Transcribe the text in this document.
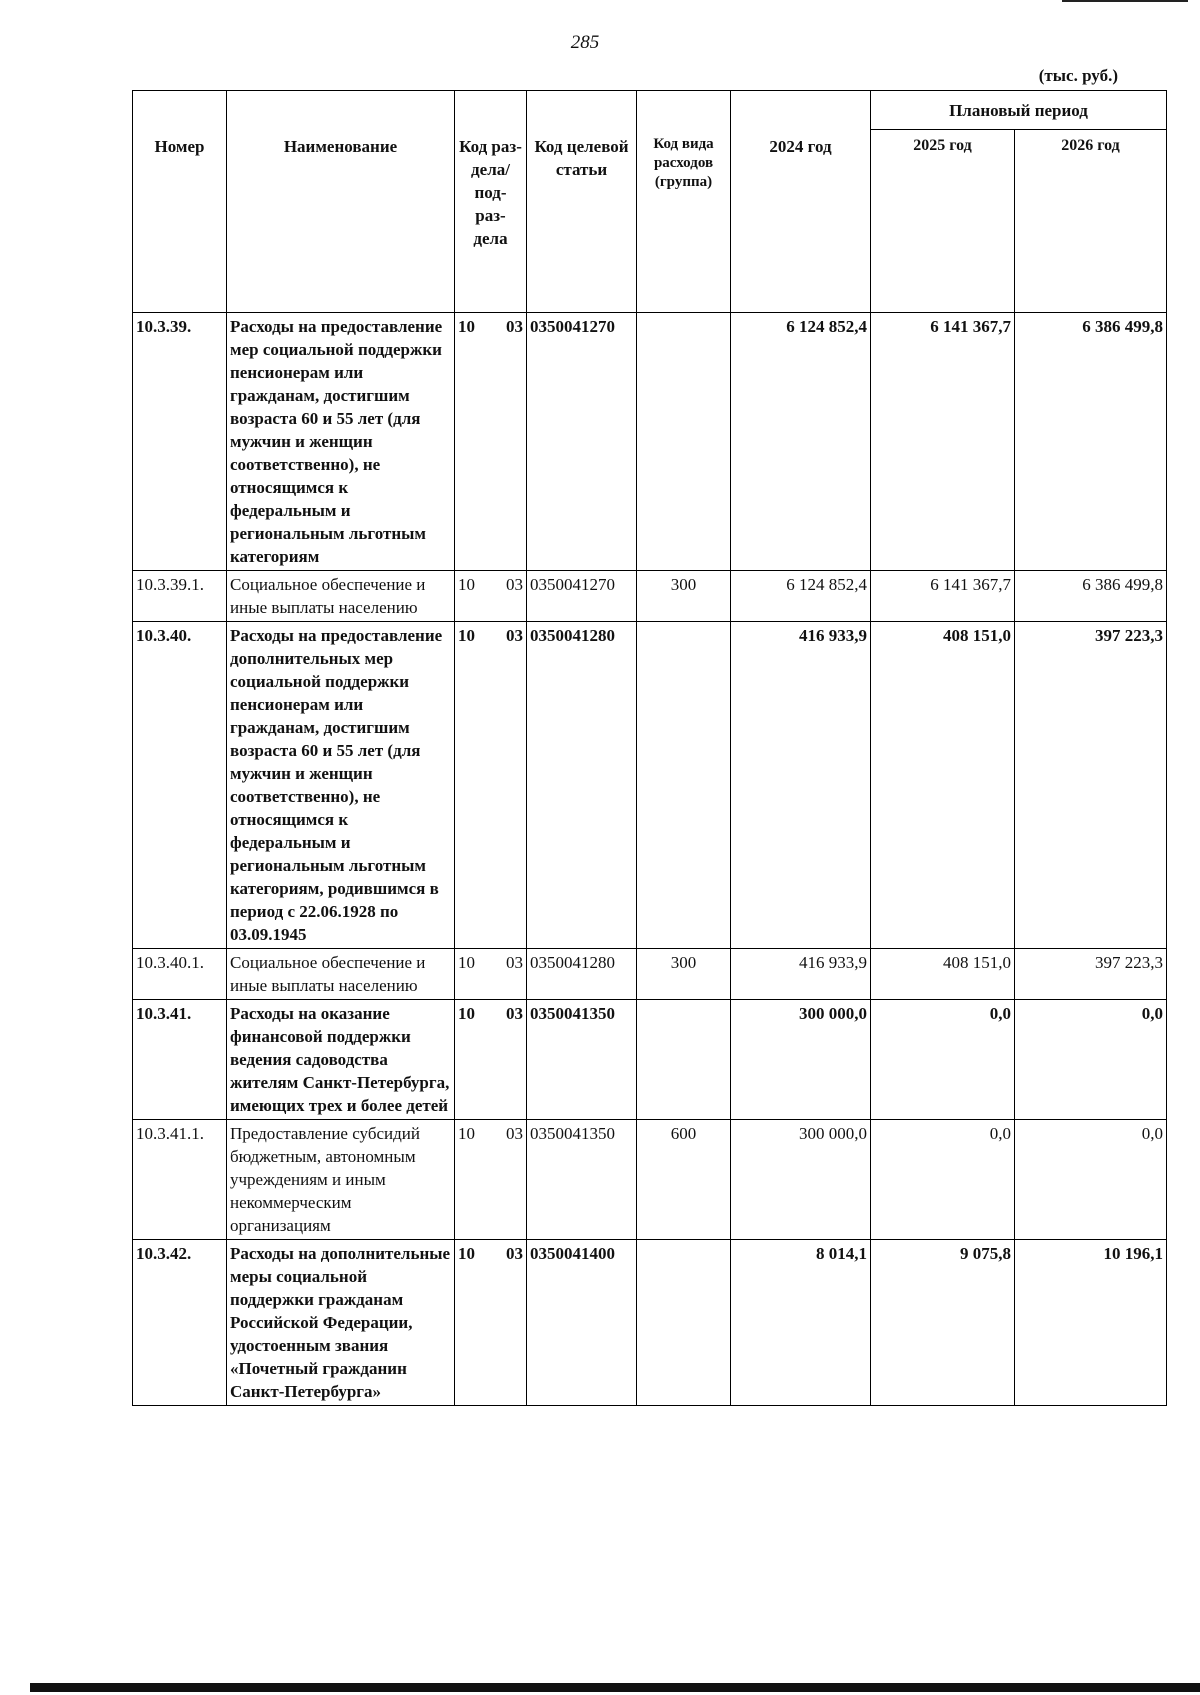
285
(тыс. руб.)
Номер	Наименование	Код раз- дела/ под- раз- дела	Код целевой статьи	Код вида расходов (группа)	2024 год	Плановый период	
						2025 год	2026 год
10.3.39.	Расходы на предоставление мер социальной поддержки пенсионерам или гражданам, достигшим возраста 60 и 55 лет (для мужчин и женщин соответственно), не относящимся к федеральным и региональным льготным категориям	10 03	0350041270		6 124 852,4	6 141 367,7	6 386 499,8
10.3.39.1.	Социальное обеспечение и иные выплаты населению	10 03	0350041270	300	6 124 852,4	6 141 367,7	6 386 499,8
10.3.40.	Расходы на предоставление дополнительных мер социальной поддержки пенсионерам или гражданам, достигшим возраста 60 и 55 лет (для мужчин и женщин соответственно), не относящимся к федеральным и региональным льготным категориям, родившимся в период с 22.06.1928 по 03.09.1945	10 03	0350041280		416 933,9	408 151,0	397 223,3
10.3.40.1.	Социальное обеспечение и иные выплаты населению	10 03	0350041280	300	416 933,9	408 151,0	397 223,3
10.3.41.	Расходы на оказание финансовой поддержки ведения садоводства жителям Санкт-Петербурга, имеющих трех и более детей	10 03	0350041350		300 000,0	0,0	0,0
10.3.41.1.	Предоставление субсидий бюджетным, автономным учреждениям и иным некоммерческим организациям	10 03	0350041350	600	300 000,0	0,0	0,0
10.3.42.	Расходы на дополнительные меры социальной поддержки гражданам Российской Федерации, удостоенным звания «Почетный гражданин Санкт-Петербурга»	10 03	0350041400		8 014,1	9 075,8	10 196,1
